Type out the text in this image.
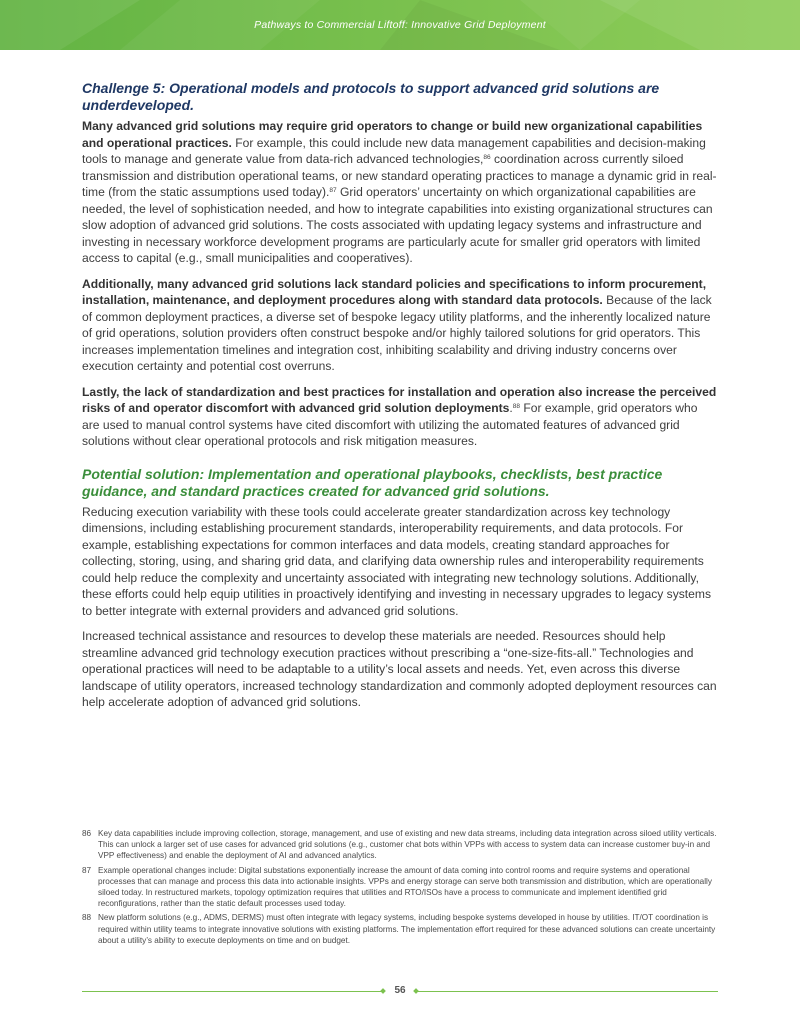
Pathways to Commercial Liftoff: Innovative Grid Deployment
Challenge 5: Operational models and protocols to support advanced grid solutions are underdeveloped.

Many advanced grid solutions may require grid operators to change or build new organizational capabilities and operational practices. For example, this could include new data management capabilities and decision-making tools to manage and generate value from data-rich advanced technologies,$^{86}$ coordination across currently siloed transmission and distribution operational teams, or new standard operating practices to manage a dynamic grid in real-time (from the static assumptions used today).$^{87}$ Grid operators’ uncertainty on which organizational capabilities are needed, the level of sophistication needed, and how to integrate capabilities into existing organizational structures can slow adoption of advanced grid solutions. The costs associated with updating legacy systems and infrastructure and investing in necessary workforce development programs are particularly acute for smaller grid operators with limited access to capital (e.g., small municipalities and cooperatives).

Additionally, many advanced grid solutions lack standard policies and specifications to inform procurement, installation, maintenance, and deployment procedures along with standard data protocols. Because of the lack of common deployment practices, a diverse set of bespoke legacy utility platforms, and the inherently localized nature of grid operations, solution providers often construct bespoke and/or highly tailored solutions for grid operators. This increases implementation timelines and integration cost, inhibiting scalability and driving industry concerns over execution certainty and potential cost overruns.

Lastly, the lack of standardization and best practices for installation and operation also increase the perceived risks of and operator discomfort with advanced grid solution deployments.$^{88}$ For example, grid operators who are used to manual control systems have cited discomfort with utilizing the automated features of advanced grid solutions without clear operational protocols and risk mitigation measures.

Potential solution: Implementation and operational playbooks, checklists, best practice guidance, and standard practices created for advanced grid solutions.

Reducing execution variability with these tools could accelerate greater standardization across key technology dimensions, including establishing procurement standards, interoperability requirements, and data protocols. For example, establishing expectations for common interfaces and data models, creating standard approaches for collecting, storing, using, and sharing grid data, and clarifying data ownership rules and interoperability requirements could help reduce the complexity and uncertainty associated with integrating new technology solutions. Additionally, these efforts could help equip utilities in proactively identifying and investing in necessary upgrades to legacy systems to better integrate with external providers and advanced grid solutions.

Increased technical assistance and resources to develop these materials are needed. Resources should help streamline advanced grid technology execution practices without prescribing a “one-size-fits-all.” Technologies and operational practices will need to be adaptable to a utility’s local assets and needs. Yet, even across this diverse landscape of utility operators, increased technology standardization and commonly adopted deployment resources can help accelerate adoption of advanced grid solutions.

86 Key data capabilities include improving collection, storage, management, and use of existing and new data streams, including data integration across siloed utility verticals. This can unlock a larger set of use cases for advanced grid solutions (e.g., customer chat bots within VPPs with access to system data can increase customer buy-in and VPP effectiveness) and enable the deployment of AI and advanced analytics.
87 Example operational changes include: Digital substations exponentially increase the amount of data coming into control rooms and require systems and operational processes that can manage and process this data into actionable insights. VPPs and energy storage can serve both transmission and distribution, which are operationally siloed today. In restructured markets, topology optimization requires that utilities and RTO/ISOs have a process to communicate and implement identified grid reconfigurations, rather than the static default processes used today.
88 New platform solutions (e.g., ADMS, DERMS) must often integrate with legacy systems, including bespoke systems developed in house by utilities. IT/OT coordination is required within utility teams to integrate innovative solutions with existing platforms. The implementation effort required for these advanced solutions can create uncertainty about a utility’s ability to execute deployments on time and on budget.
56
